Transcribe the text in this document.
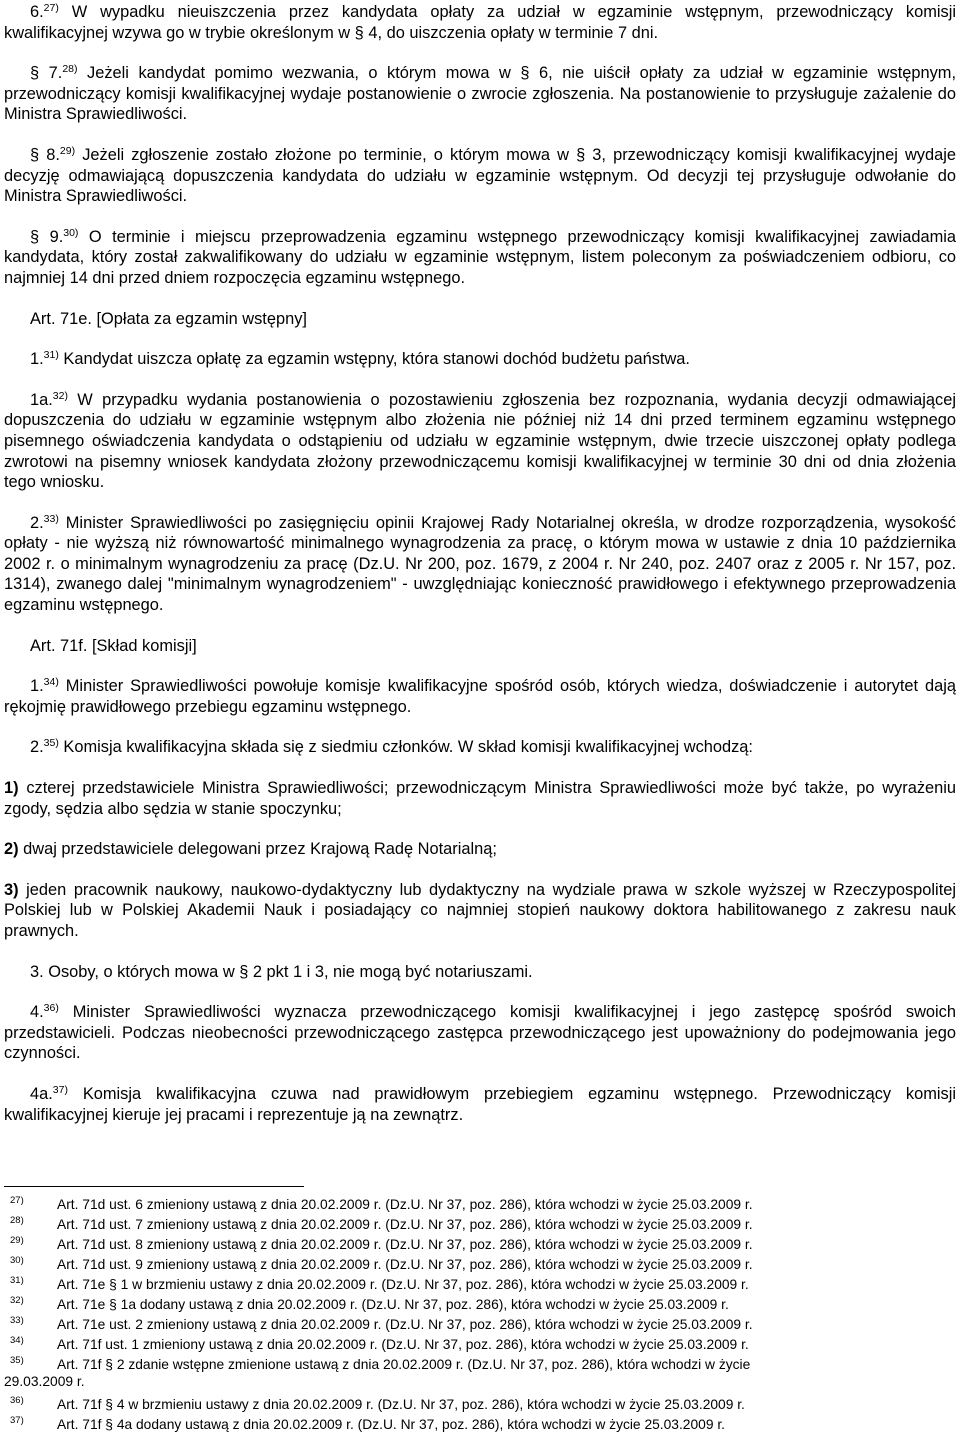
6.$^{27)}$ W wypadku nieuiszczenia przez kandydata opłaty za udział w egzaminie wstępnym, przewodniczący komisji kwalifikacyjnej wzywa go w trybie określonym w § 4, do uiszczenia opłaty w terminie 7 dni.

§ 7.$^{28)}$ Jeżeli kandydat pomimo wezwania, o którym mowa w § 6, nie uiścił opłaty za udział w egzaminie wstępnym, przewodniczący komisji kwalifikacyjnej wydaje postanowienie o zwrocie zgłoszenia. Na postanowienie to przysługuje zażalenie do Ministra Sprawiedliwości.

§ 8.$^{29)}$ Jeżeli zgłoszenie zostało złożone po terminie, o którym mowa w § 3, przewodniczący komisji kwalifikacyjnej wydaje decyzję odmawiającą dopuszczenia kandydata do udziału w egzaminie wstępnym. Od decyzji tej przysługuje odwołanie do Ministra Sprawiedliwości.

§ 9.$^{30)}$ O terminie i miejscu przeprowadzenia egzaminu wstępnego przewodniczący komisji kwalifikacyjnej zawiadamia kandydata, który został zakwalifikowany do udziału w egzaminie wstępnym, listem poleconym za poświadczeniem odbioru, co najmniej 14 dni przed dniem rozpoczęcia egzaminu wstępnego.

Art. 71e. [Opłata za egzamin wstępny]

1.$^{31)}$ Kandydat uiszcza opłatę za egzamin wstępny, która stanowi dochód budżetu państwa.

1a.$^{32)}$ W przypadku wydania postanowienia o pozostawieniu zgłoszenia bez rozpoznania, wydania decyzji odmawiającej dopuszczenia do udziału w egzaminie wstępnym albo złożenia nie później niż 14 dni przed terminem egzaminu wstępnego pisemnego oświadczenia kandydata o odstąpieniu od udziału w egzaminie wstępnym, dwie trzecie uiszczonej opłaty podlega zwrotowi na pisemny wniosek kandydata złożony przewodniczącemu komisji kwalifikacyjnej w terminie 30 dni od dnia złożenia tego wniosku.

2.$^{33)}$ Minister Sprawiedliwości po zasięgnięciu opinii Krajowej Rady Notarialnej określa, w drodze rozporządzenia, wysokość opłaty - nie wyższą niż równowartość minimalnego wynagrodzenia za pracę, o którym mowa w ustawie z dnia 10 października 2002 r. o minimalnym wynagrodzeniu za pracę (Dz.U. Nr 200, poz. 1679, z 2004 r. Nr 240, poz. 2407 oraz z 2005 r. Nr 157, poz. 1314), zwanego dalej "minimalnym wynagrodzeniem" - uwzględniając konieczność prawidłowego i efektywnego przeprowadzenia egzaminu wstępnego.

Art. 71f. [Skład komisji]

1.$^{34)}$ Minister Sprawiedliwości powołuje komisje kwalifikacyjne spośród osób, których wiedza, doświadczenie i autorytet dają rękojmię prawidłowego przebiegu egzaminu wstępnego.

2.$^{35)}$ Komisja kwalifikacyjna składa się z siedmiu członków. W skład komisji kwalifikacyjnej wchodzą:

1) czterej przedstawiciele Ministra Sprawiedliwości; przewodniczącym Ministra Sprawiedliwości może być także, po wyrażeniu zgody, sędzia albo sędzia w stanie spoczynku;

2) dwaj przedstawiciele delegowani przez Krajową Radę Notarialną;

3) jeden pracownik naukowy, naukowo-dydaktyczny lub dydaktyczny na wydziale prawa w szkole wyższej w Rzeczypospolitej Polskiej lub w Polskiej Akademii Nauk i posiadający co najmniej stopień naukowy doktora habilitowanego z zakresu nauk prawnych.

3. Osoby, o których mowa w § 2 pkt 1 i 3, nie mogą być notariuszami.

4.$^{36)}$ Minister Sprawiedliwości wyznacza przewodniczącego komisji kwalifikacyjnej i jego zastępcę spośród swoich przedstawicieli. Podczas nieobecności przewodniczącego zastępca przewodniczącego jest upoważniony do podejmowania jego czynności.

4a.$^{37)}$ Komisja kwalifikacyjna czuwa nad prawidłowym przebiegiem egzaminu wstępnego. Przewodniczący komisji kwalifikacyjnej kieruje jej pracami i reprezentuje ją na zewnątrz.

27) Art. 71d ust. 6 zmieniony ustawą z dnia 20.02.2009 r. (Dz.U. Nr 37, poz. 286), która wchodzi w życie 25.03.2009 r.
28) Art. 71d ust. 7 zmieniony ustawą z dnia 20.02.2009 r. (Dz.U. Nr 37, poz. 286), która wchodzi w życie 25.03.2009 r.
29) Art. 71d ust. 8 zmieniony ustawą z dnia 20.02.2009 r. (Dz.U. Nr 37, poz. 286), która wchodzi w życie 25.03.2009 r.
30) Art. 71d ust. 9 zmieniony ustawą z dnia 20.02.2009 r. (Dz.U. Nr 37, poz. 286), która wchodzi w życie 25.03.2009 r.
31) Art. 71e § 1 w brzmieniu ustawy z dnia 20.02.2009 r. (Dz.U. Nr 37, poz. 286), która wchodzi w życie 25.03.2009 r.
32) Art. 71e § 1a dodany ustawą z dnia 20.02.2009 r. (Dz.U. Nr 37, poz. 286), która wchodzi w życie 25.03.2009 r.
33) Art. 71e ust. 2 zmieniony ustawą z dnia 20.02.2009 r. (Dz.U. Nr 37, poz. 286), która wchodzi w życie 25.03.2009 r.
34) Art. 71f ust. 1 zmieniony ustawą z dnia 20.02.2009 r. (Dz.U. Nr 37, poz. 286), która wchodzi w życie 25.03.2009 r.
35) Art. 71f § 2 zdanie wstępne zmienione ustawą z dnia 20.02.2009 r. (Dz.U. Nr 37, poz. 286), która wchodzi w życie
29.03.2009 r.
36) Art. 71f § 4 w brzmieniu ustawy z dnia 20.02.2009 r. (Dz.U. Nr 37, poz. 286), która wchodzi w życie 25.03.2009 r.
37) Art. 71f § 4a dodany ustawą z dnia 20.02.2009 r. (Dz.U. Nr 37, poz. 286), która wchodzi w życie 25.03.2009 r.
